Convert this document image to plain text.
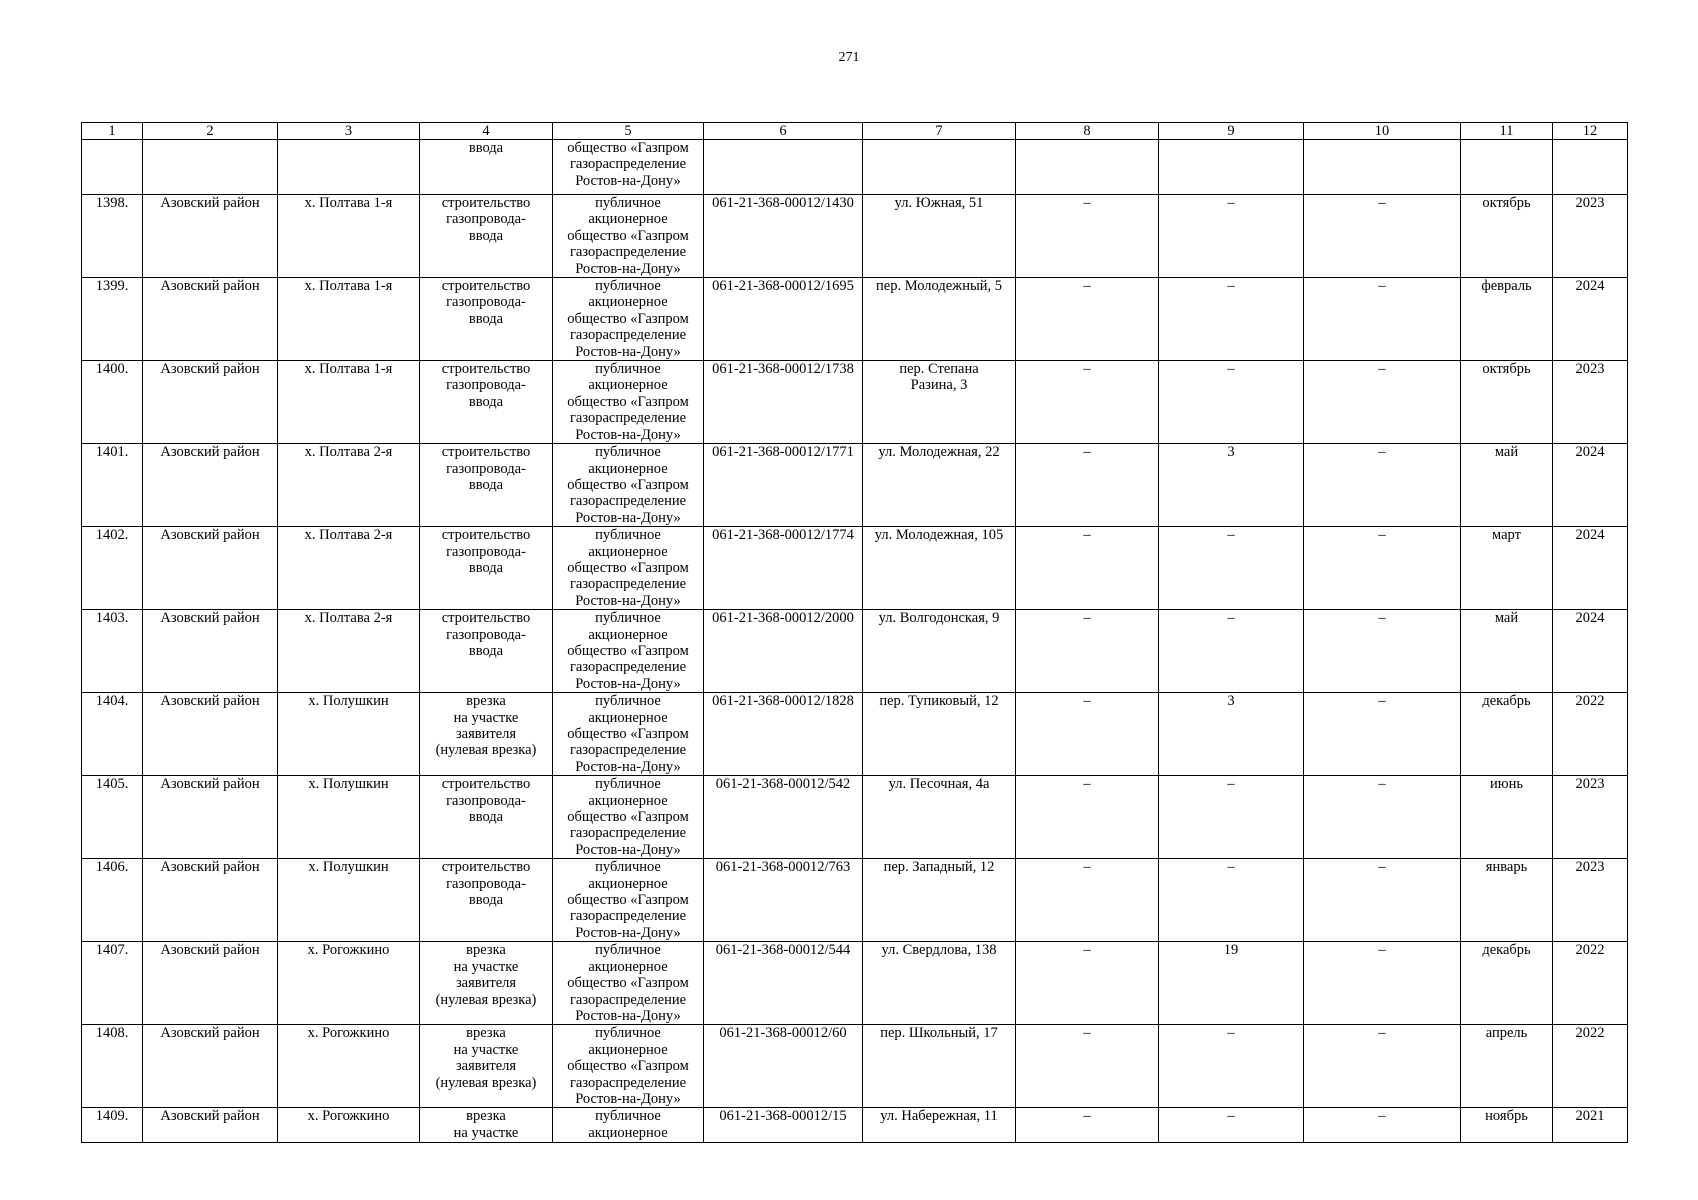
271
1	2	3	4	5	6	7	8	9	10	11	12

			ввода	общество «Газпром
газораспределение
Ростов-на-Дону»							

1398.	Азовский район	х. Полтава 1-я	строительство
газопровода-
ввода	публичное
акционерное
общество «Газпром
газораспределение
Ростов-на-Дону»	061-21-368-00012/1430	ул. Южная, 51	–	–	–	октябрь	2023

1399.	Азовский район	х. Полтава 1-я	строительство
газопровода-
ввода	публичное
акционерное
общество «Газпром
газораспределение
Ростов-на-Дону»	061-21-368-00012/1695	пер. Молодежный, 5	–	–	–	февраль	2024

1400.	Азовский район	х. Полтава 1-я	строительство
газопровода-
ввода	публичное
акционерное
общество «Газпром
газораспределение
Ростов-на-Дону»	061-21-368-00012/1738	пер. Степана
Разина, 3	–	–	–	октябрь	2023

1401.	Азовский район	х. Полтава 2-я	строительство
газопровода-
ввода	публичное
акционерное
общество «Газпром
газораспределение
Ростов-на-Дону»	061-21-368-00012/1771	ул. Молодежная, 22	–	3	–	май	2024

1402.	Азовский район	х. Полтава 2-я	строительство
газопровода-
ввода	публичное
акционерное
общество «Газпром
газораспределение
Ростов-на-Дону»	061-21-368-00012/1774	ул. Молодежная, 105	–	–	–	март	2024

1403.	Азовский район	х. Полтава 2-я	строительство
газопровода-
ввода	публичное
акционерное
общество «Газпром
газораспределение
Ростов-на-Дону»	061-21-368-00012/2000	ул. Волгодонская, 9	–	–	–	май	2024

1404.	Азовский район	х. Полушкин	врезка
на участке
заявителя
(нулевая врезка)	публичное
акционерное
общество «Газпром
газораспределение
Ростов-на-Дону»	061-21-368-00012/1828	пер. Тупиковый, 12	–	3	–	декабрь	2022

1405.	Азовский район	х. Полушкин	строительство
газопровода-
ввода	публичное
акционерное
общество «Газпром
газораспределение
Ростов-на-Дону»	061-21-368-00012/542	ул. Песочная, 4а	–	–	–	июнь	2023

1406.	Азовский район	х. Полушкин	строительство
газопровода-
ввода	публичное
акционерное
общество «Газпром
газораспределение
Ростов-на-Дону»	061-21-368-00012/763	пер. Западный, 12	–	–	–	январь	2023

1407.	Азовский район	х. Рогожкино	врезка
на участке
заявителя
(нулевая врезка)	публичное
акционерное
общество «Газпром
газораспределение
Ростов-на-Дону»	061-21-368-00012/544	ул. Свердлова, 138	–	19	–	декабрь	2022

1408.	Азовский район	х. Рогожкино	врезка
на участке
заявителя
(нулевая врезка)	публичное
акционерное
общество «Газпром
газораспределение
Ростов-на-Дону»	061-21-368-00012/60	пер. Школьный, 17	–	–	–	апрель	2022

1409.	Азовский район	х. Рогожкино	врезка
на участке	публичное
акционерное	061-21-368-00012/15	ул. Набережная, 11	–	–	–	ноябрь	2021
